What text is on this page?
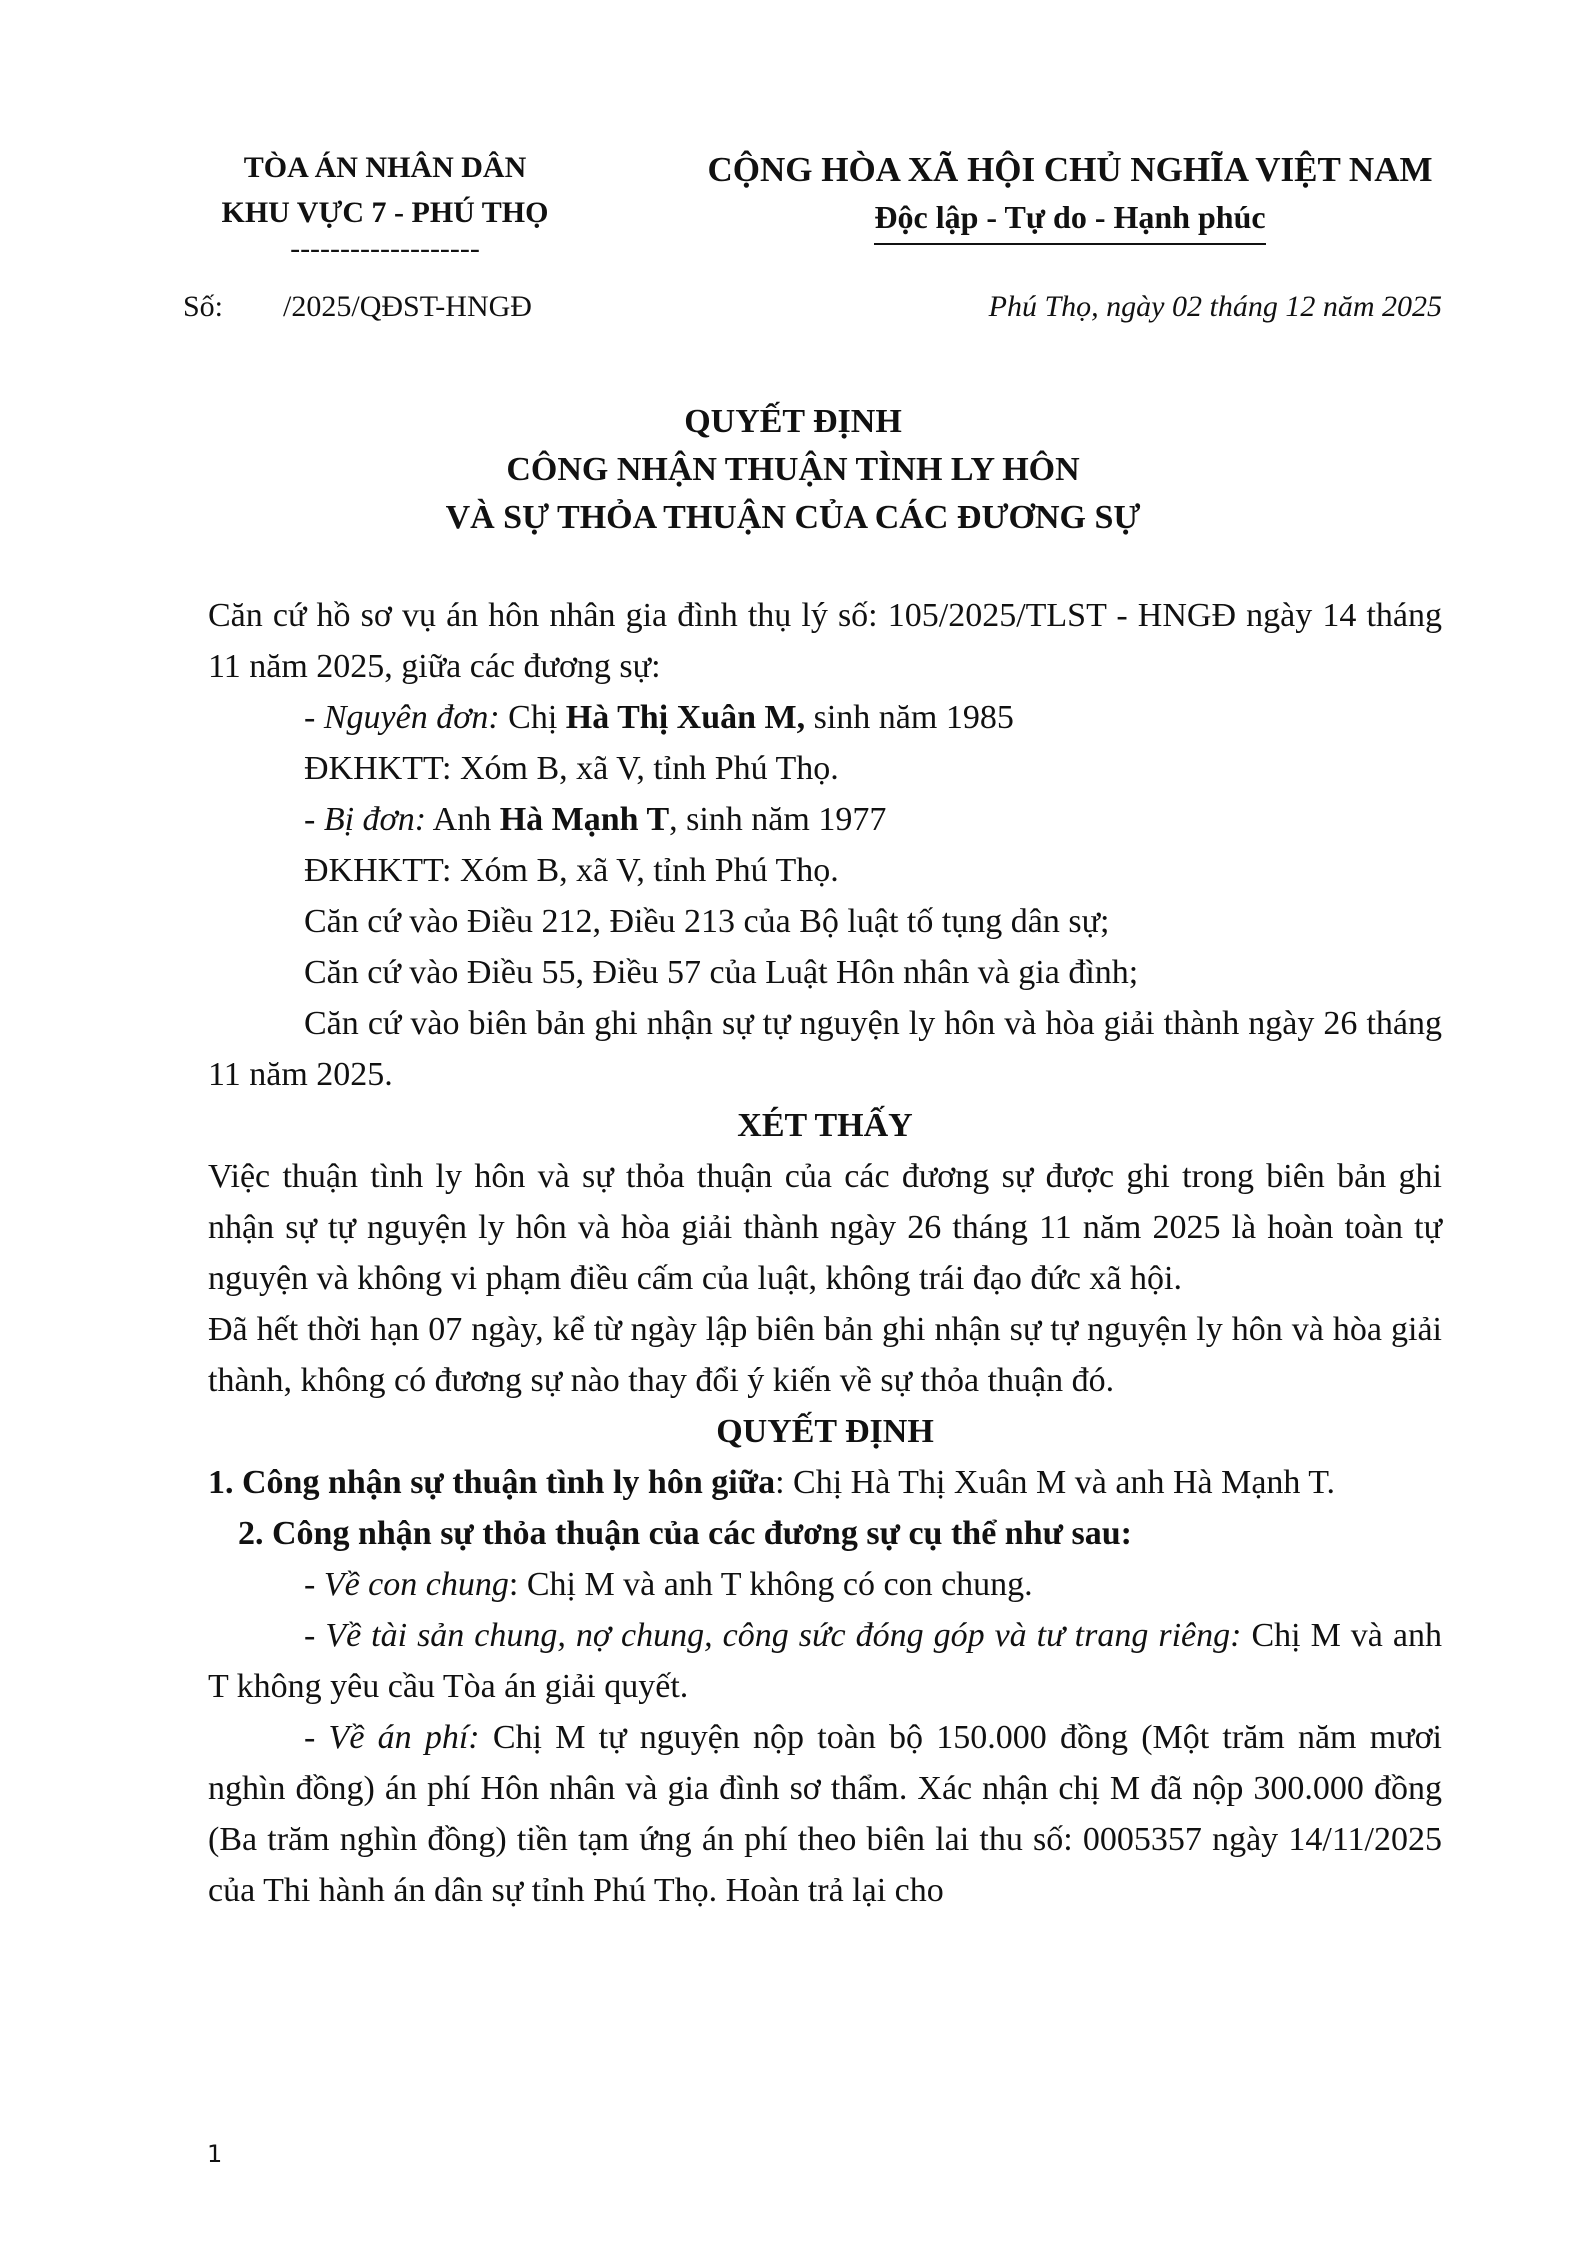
TÒA ÁN NHÂN DÂN
KHU VỰC 7 - PHÚ THỌ
-------------------
CỘNG HÒA XÃ HỘI CHỦ NGHĨA VIỆT NAM
Độc lập - Tự do - Hạnh phúc
Số: /2025/QĐST-HNGĐ	Phú Thọ, ngày 02 tháng 12 năm 2025
QUYẾT ĐỊNH
CÔNG NHẬN THUẬN TÌNH LY HÔN
VÀ SỰ THỎA THUẬN CỦA CÁC ĐƯƠNG SỰ

Căn cứ hồ sơ vụ án hôn nhân gia đình thụ lý số: 105/2025/TLST - HNGĐ ngày 14 tháng 11 năm 2025, giữa các đương sự:

- Nguyên đơn: Chị Hà Thị Xuân M, sinh năm 1985

ĐKHKTT: Xóm B, xã V, tỉnh Phú Thọ.

- Bị đơn: Anh Hà Mạnh T, sinh năm 1977

ĐKHKTT: Xóm B, xã V, tỉnh Phú Thọ.

Căn cứ vào Điều 212, Điều 213 của Bộ luật tố tụng dân sự;

Căn cứ vào Điều 55, Điều 57 của Luật Hôn nhân và gia đình;

Căn cứ vào biên bản ghi nhận sự tự nguyện ly hôn và hòa giải thành ngày 26 tháng 11 năm 2025.

XÉT THẤY

Việc thuận tình ly hôn và sự thỏa thuận của các đương sự được ghi trong biên bản ghi nhận sự tự nguyện ly hôn và hòa giải thành ngày 26 tháng 11 năm 2025 là hoàn toàn tự nguyện và không vi phạm điều cấm của luật, không trái đạo đức xã hội.

Đã hết thời hạn 07 ngày, kể từ ngày lập biên bản ghi nhận sự tự nguyện ly hôn và hòa giải thành, không có đương sự nào thay đổi ý kiến về sự thỏa thuận đó.

QUYẾT ĐỊNH

1. Công nhận sự thuận tình ly hôn giữa: Chị Hà Thị Xuân M và anh Hà Mạnh T.

2. Công nhận sự thỏa thuận của các đương sự cụ thể như sau:

- Về con chung: Chị M và anh T không có con chung.

- Về tài sản chung, nợ chung, công sức đóng góp và tư trang riêng: Chị M và anh T không yêu cầu Tòa án giải quyết.

- Về án phí: Chị M tự nguyện nộp toàn bộ 150.000 đồng (Một trăm năm mươi nghìn đồng) án phí Hôn nhân và gia đình sơ thẩm. Xác nhận chị M đã nộp 300.000 đồng (Ba trăm nghìn đồng) tiền tạm ứng án phí theo biên lai thu số: 0005357 ngày 14/11/2025 của Thi hành án dân sự tỉnh Phú Thọ. Hoàn trả lại cho

1
